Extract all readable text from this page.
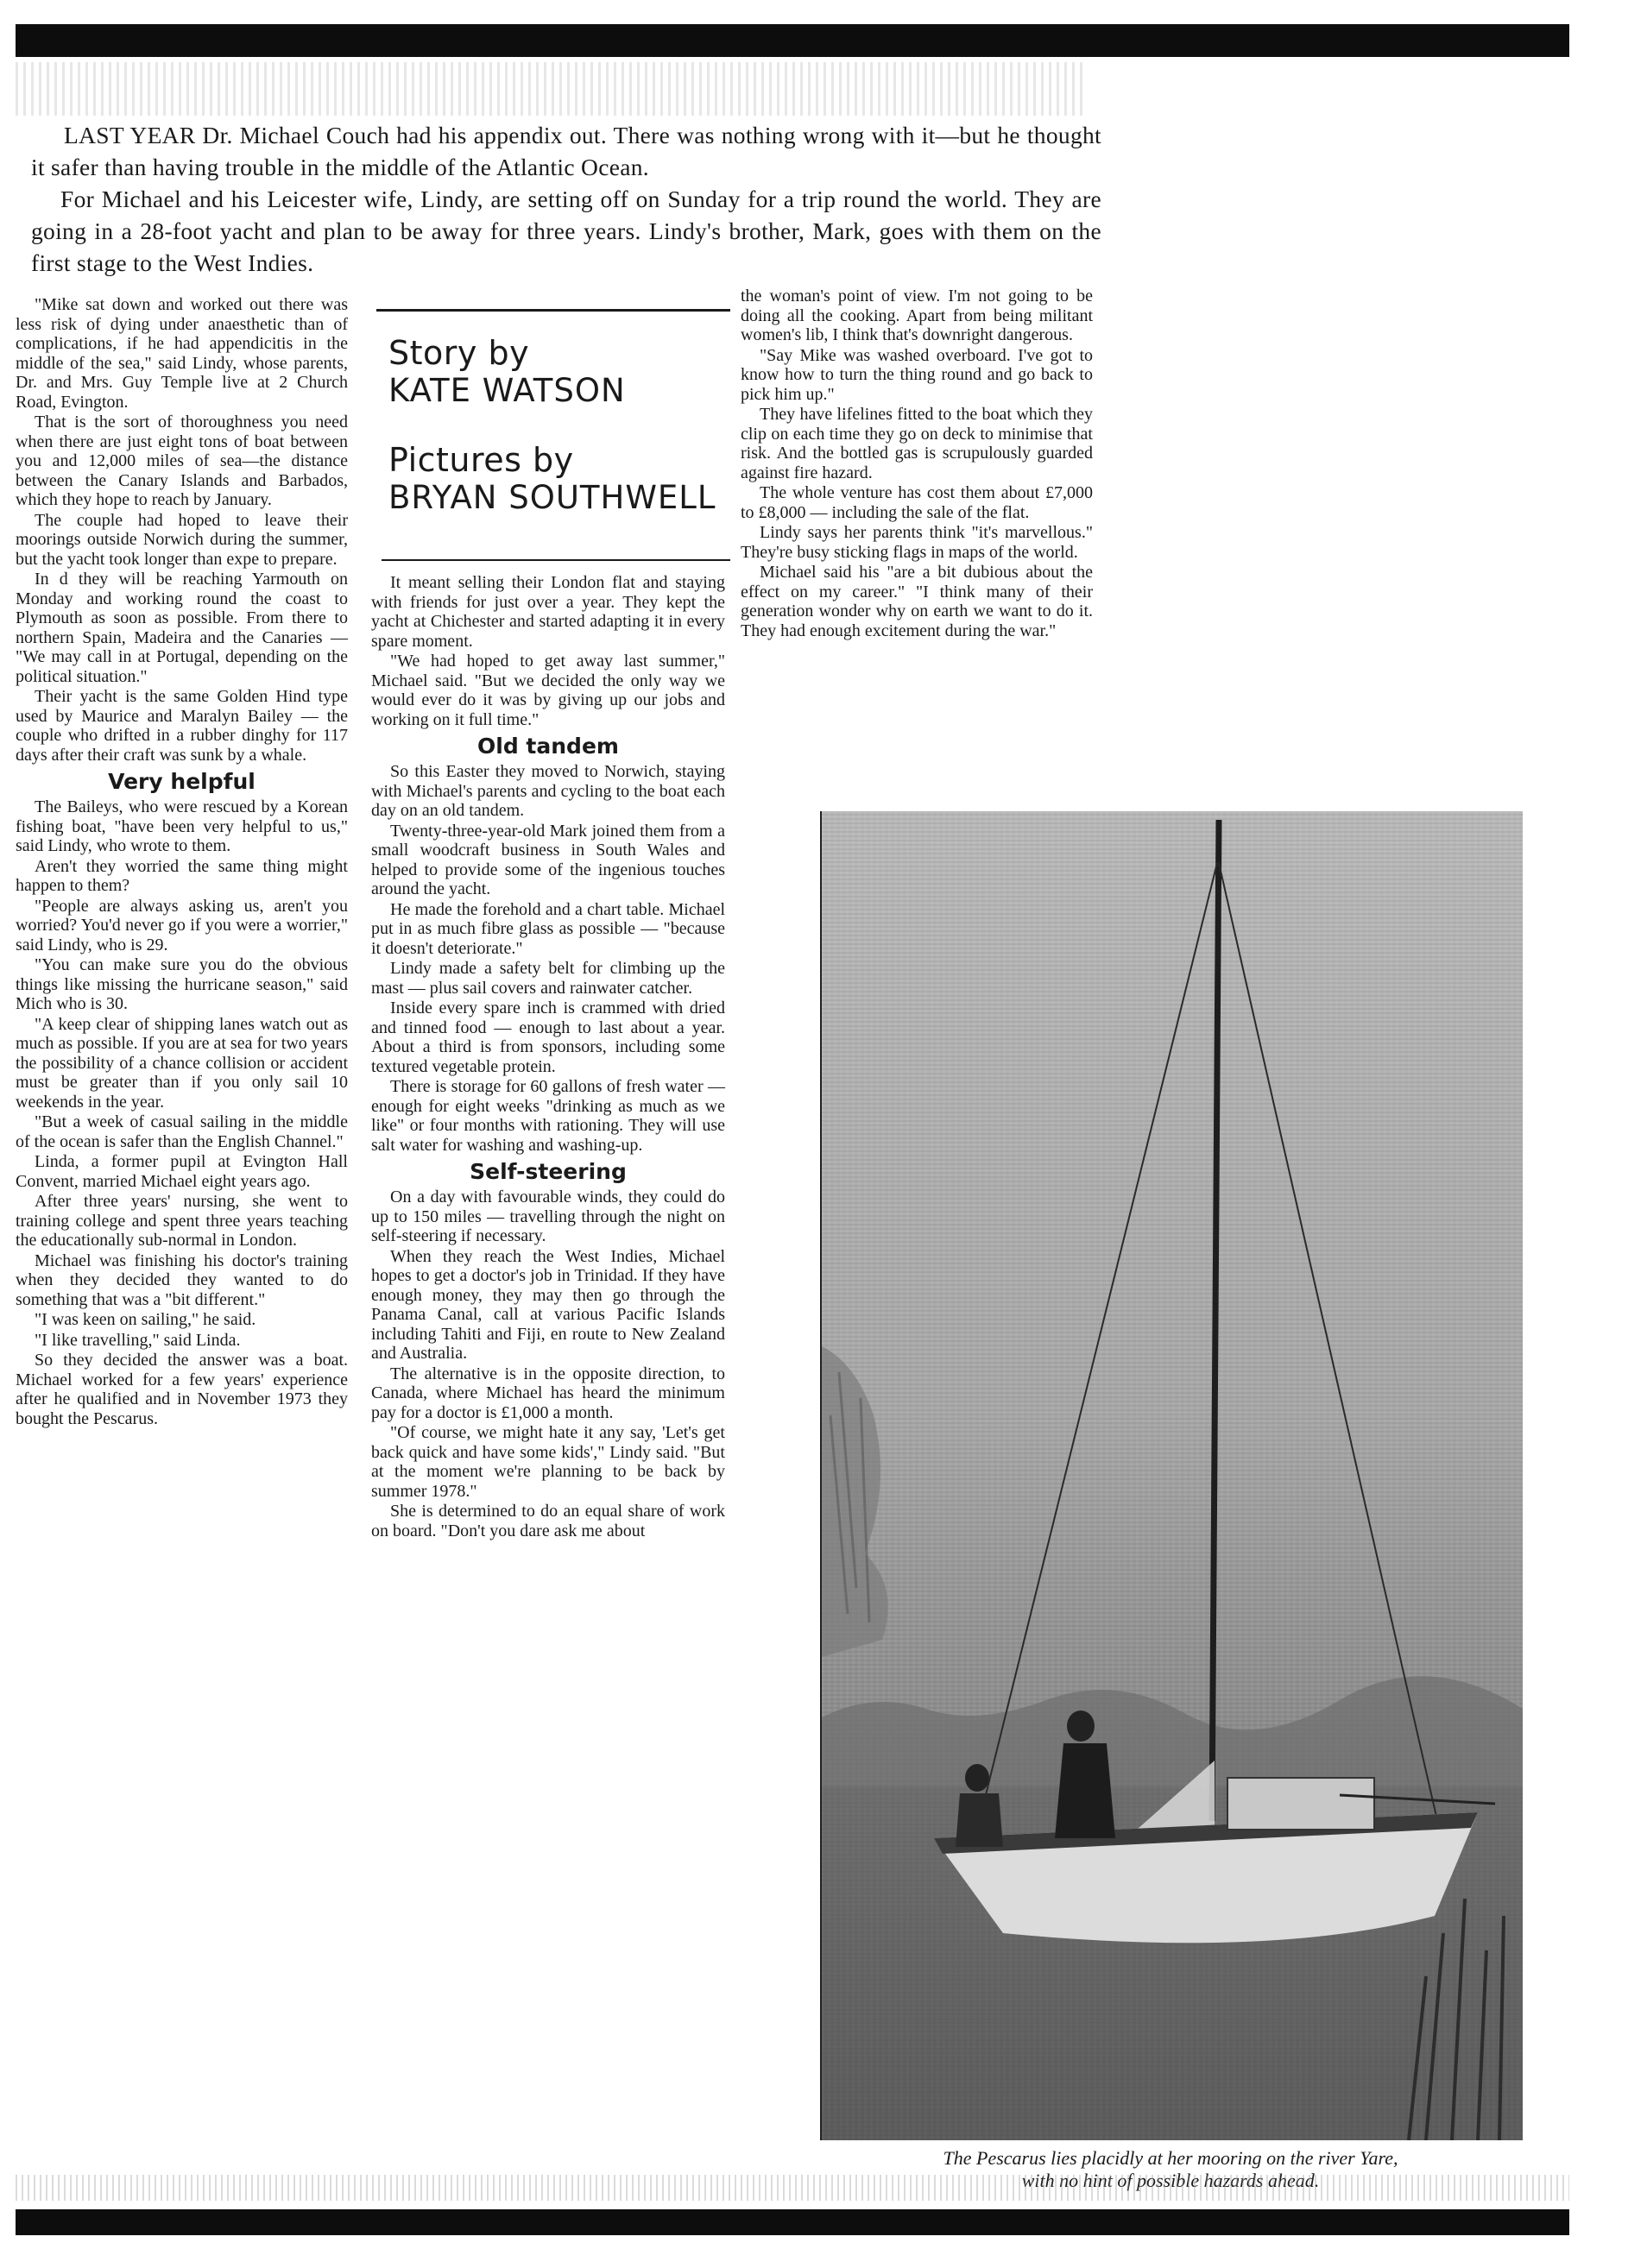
LAST YEAR Dr. Michael Couch had his appendix out. There was nothing wrong with it—but he thought it safer than having trouble in the middle of the Atlantic Ocean.

For Michael and his Leicester wife, Lindy, are setting off on Sunday for a trip round the world. They are going in a 28-foot yacht and plan to be away for three years. Lindy's brother, Mark, goes with them on the first stage to the West Indies.

"Mike sat down and worked out there was less risk of dying under anaesthetic than of complications, if he had appendicitis in the middle of the sea," said Lindy, whose parents, Dr. and Mrs. Guy Temple live at 2 Church Road, Evington.

That is the sort of thoroughness you need when there are just eight tons of boat between you and 12,000 miles of sea—the distance between the Canary Islands and Barbados, which they hope to reach by January.

The couple had hoped to leave their moorings outside Norwich during the summer, but the yacht took longer than expe to prepare.

In d they will be reaching Yarmouth on Monday and working round the coast to Plymouth as soon as possible. From there to northern Spain, Madeira and the Canaries — "We may call in at Portugal, depending on the political situation."

Their yacht is the same Golden Hind type used by Maurice and Maralyn Bailey — the couple who drifted in a rubber dinghy for 117 days after their craft was sunk by a whale.

Very helpful

The Baileys, who were rescued by a Korean fishing boat, "have been very helpful to us," said Lindy, who wrote to them.

Aren't they worried the same thing might happen to them?

"People are always asking us, aren't you worried? You'd never go if you were a worrier," said Lindy, who is 29.

"You can make sure you do the obvious things like missing the hurricane season," said Mich who is 30.

"A keep clear of shipping lanes watch out as much as possible. If you are at sea for two years the possibility of a chance collision or accident must be greater than if you only sail 10 weekends in the year.

"But a week of casual sailing in the middle of the ocean is safer than the English Channel."

Linda, a former pupil at Evington Hall Convent, married Michael eight years ago.

After three years' nursing, she went to training college and spent three years teaching the educationally sub-normal in London.

Michael was finishing his doctor's training when they decided they wanted to do something that was a "bit different."

"I was keen on sailing," he said.

"I like travelling," said Linda.

So they decided the answer was a boat. Michael worked for a few years' experience after he qualified and in November 1973 they bought the Pescarus.

Story by
KATE WATSON
Pictures by
BRYAN SOUTHWELL

It meant selling their London flat and staying with friends for just over a year. They kept the yacht at Chichester and started adapting it in every spare moment.

"We had hoped to get away last summer," Michael said. "But we decided the only way we would ever do it was by giving up our jobs and working on it full time."

Old tandem

So this Easter they moved to Norwich, staying with Michael's parents and cycling to the boat each day on an old tandem.

Twenty-three-year-old Mark joined them from a small woodcraft business in South Wales and helped to provide some of the ingenious touches around the yacht.

He made the forehold and a chart table. Michael put in as much fibre glass as possible — "because it doesn't deteriorate."

Lindy made a safety belt for climbing up the mast — plus sail covers and rainwater catcher.

Inside every spare inch is crammed with dried and tinned food — enough to last about a year. About a third is from sponsors, including some textured vegetable protein.

There is storage for 60 gallons of fresh water — enough for eight weeks "drinking as much as we like" or four months with rationing. They will use salt water for washing and washing-up.

Self-steering

On a day with favourable winds, they could do up to 150 miles — travelling through the night on self-steering if necessary.

When they reach the West Indies, Michael hopes to get a doctor's job in Trinidad. If they have enough money, they may then go through the Panama Canal, call at various Pacific Islands including Tahiti and Fiji, en route to New Zealand and Australia.

The alternative is in the opposite direction, to Canada, where Michael has heard the minimum pay for a doctor is £1,000 a month.

"Of course, we might hate it any say, 'Let's get back quick and have some kids'," Lindy said. "But at the moment we're planning to be back by summer 1978."

She is determined to do an equal share of work on board. "Don't you dare ask me about

the woman's point of view. I'm not going to be doing all the cooking. Apart from being militant women's lib, I think that's downright dangerous.

"Say Mike was washed overboard. I've got to know how to turn the thing round and go back to pick him up."

They have lifelines fitted to the boat which they clip on each time they go on deck to minimise that risk. And the bottled gas is scrupulously guarded against fire hazard.

The whole venture has cost them about £7,000 to £8,000 — including the sale of the flat.

Lindy says her parents think "it's marvellous." They're busy sticking flags in maps of the world.

Michael said his "are a bit dubious about the effect on my career." "I think many of their generation wonder why on earth we want to do it. They had enough excitement during the war."

The Pescarus lies placidly at her mooring on the river Yare,
with no hint of possible hazards ahead.
